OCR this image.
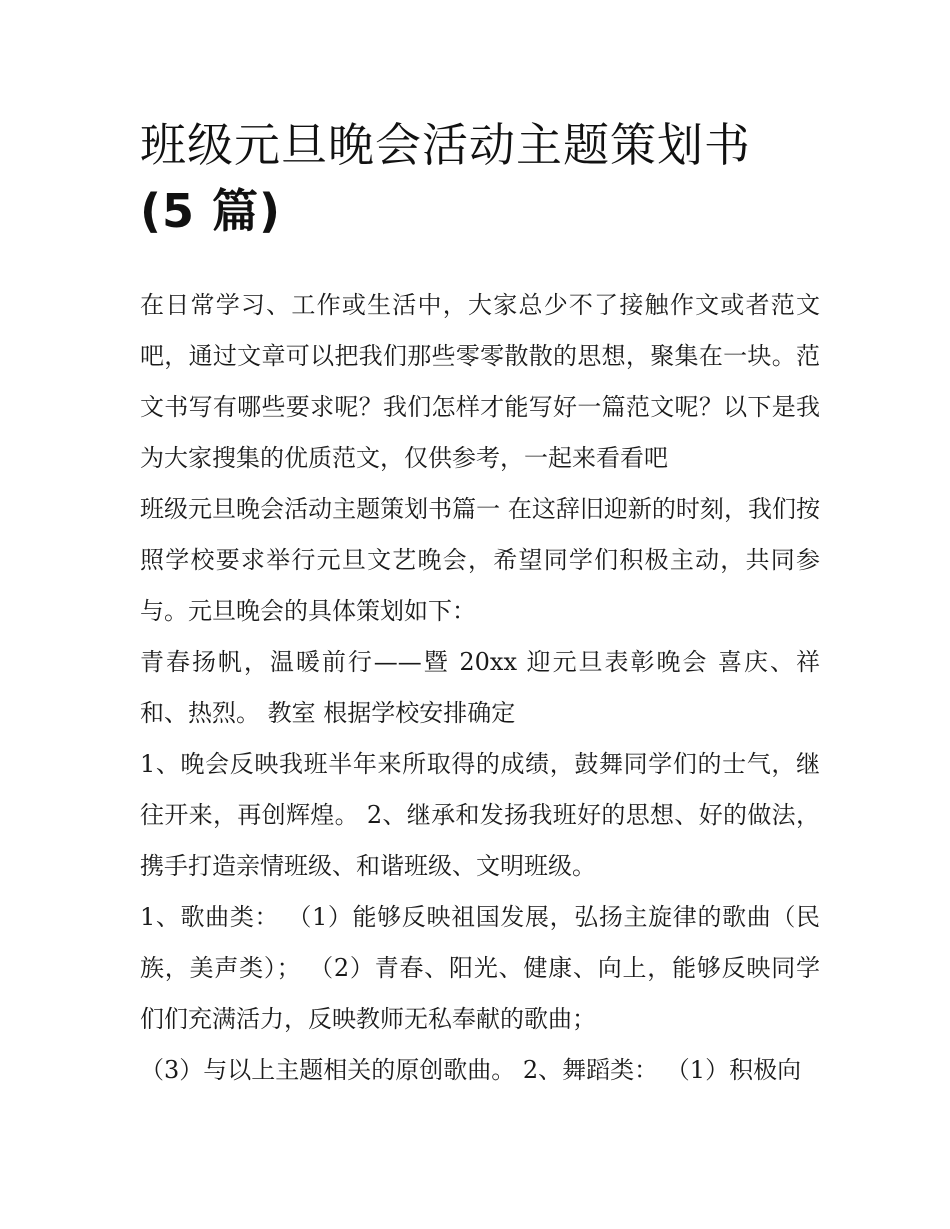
班级元旦晚会活动主题策划书
(5 篇)

在日常学习、工作或生活中，大家总少不了接触作文或者范文吧，通过文章可以把我们那些零零散散的思想，聚集在一块。范文书写有哪些要求呢？我们怎样才能写好一篇范文呢？以下是我为大家搜集的优质范文，仅供参考，一起来看看吧

班级元旦晚会活动主题策划书篇一 在这辞旧迎新的时刻，我们按照学校要求举行元旦文艺晚会，希望同学们积极主动，共同参与。元旦晚会的具体策划如下：

青春扬帆，温暖前行——暨 20xx 迎元旦表彰晚会 喜庆、祥和、热烈。 教室 根据学校安排确定

1、晚会反映我班半年来所取得的成绩，鼓舞同学们的士气，继往开来，再创辉煌。 2、继承和发扬我班好的思想、好的做法，携手打造亲情班级、和谐班级、文明班级。

1、歌曲类： （1）能够反映祖国发展，弘扬主旋律的歌曲（民族，美声类）； （2）青春、阳光、健康、向上，能够反映同学们们充满活力，反映教师无私奉献的歌曲；

（3）与以上主题相关的原创歌曲。 2、舞蹈类： （1）积极向
